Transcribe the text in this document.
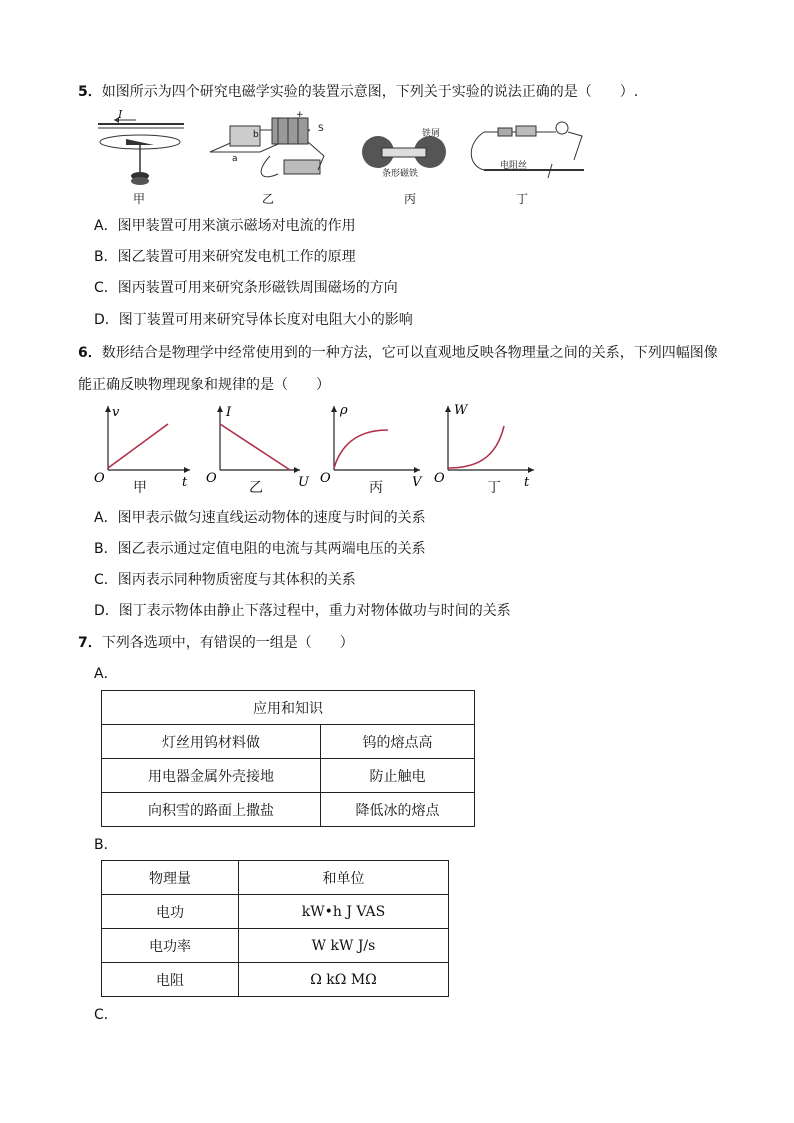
5．如图所示为四个研究电磁学实验的装置示意图，下列关于实验的说法正确的是（　　）.
I
b
a
S
+
铁屑
条形磁铁
电阻丝
甲	乙	丙	丁
A．图甲装置可用来演示磁场对电流的作用
B．图乙装置可用来研究发电机工作的原理
C．图丙装置可用来研究条形磁铁周围磁场的方向
D．图丁装置可用来研究导体长度对电阻大小的影响
6．数形结合是物理学中经常使用到的一种方法，它可以直观地反映各物理量之间的关系，下列四幅图像
能正确反映物理现象和规律的是（　　）
v
t
O
I
U
O
ρ
V
O
W
t
O
甲	乙	丙	丁
A．图甲表示做匀速直线运动物体的速度与时间的关系
B．图乙表示通过定值电阻的电流与其两端电压的关系
C．图丙表示同种物质密度与其体积的关系
D．图丁表示物体由静止下落过程中，重力对物体做功与时间的关系
7．下列各选项中，有错误的一组是（　　）
A．
应用和知识	
灯丝用钨材料做	钨的熔点高
用电器金属外壳接地	防止触电
向积雪的路面上撒盐	降低冰的熔点
B．
物理量	和单位
电功	kW•h J VAS
电功率	W kW J/s
电阻	Ω kΩ MΩ
C．
